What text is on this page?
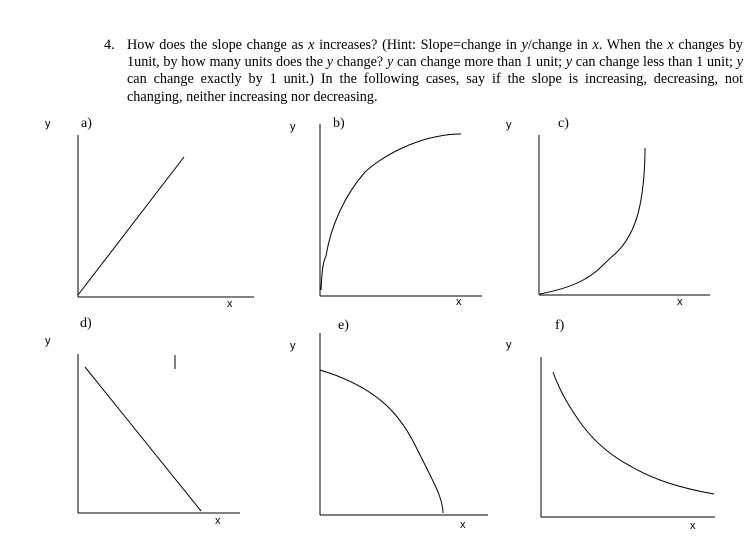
4. How does the slope change as x increases? (Hint: Slope=change in y/change in x. When the x changes by 1unit, by how many units does the y change? y can change more than 1 unit; y can change less than 1 unit; y can change exactly by 1 unit.) In the following cases, say if the slope is increasing, decreasing, not changing, neither increasing nor decreasing.
a)	b)	c)
d)	e)	f)
y
x
y
x
y
x
y
x
y
x
y
x
